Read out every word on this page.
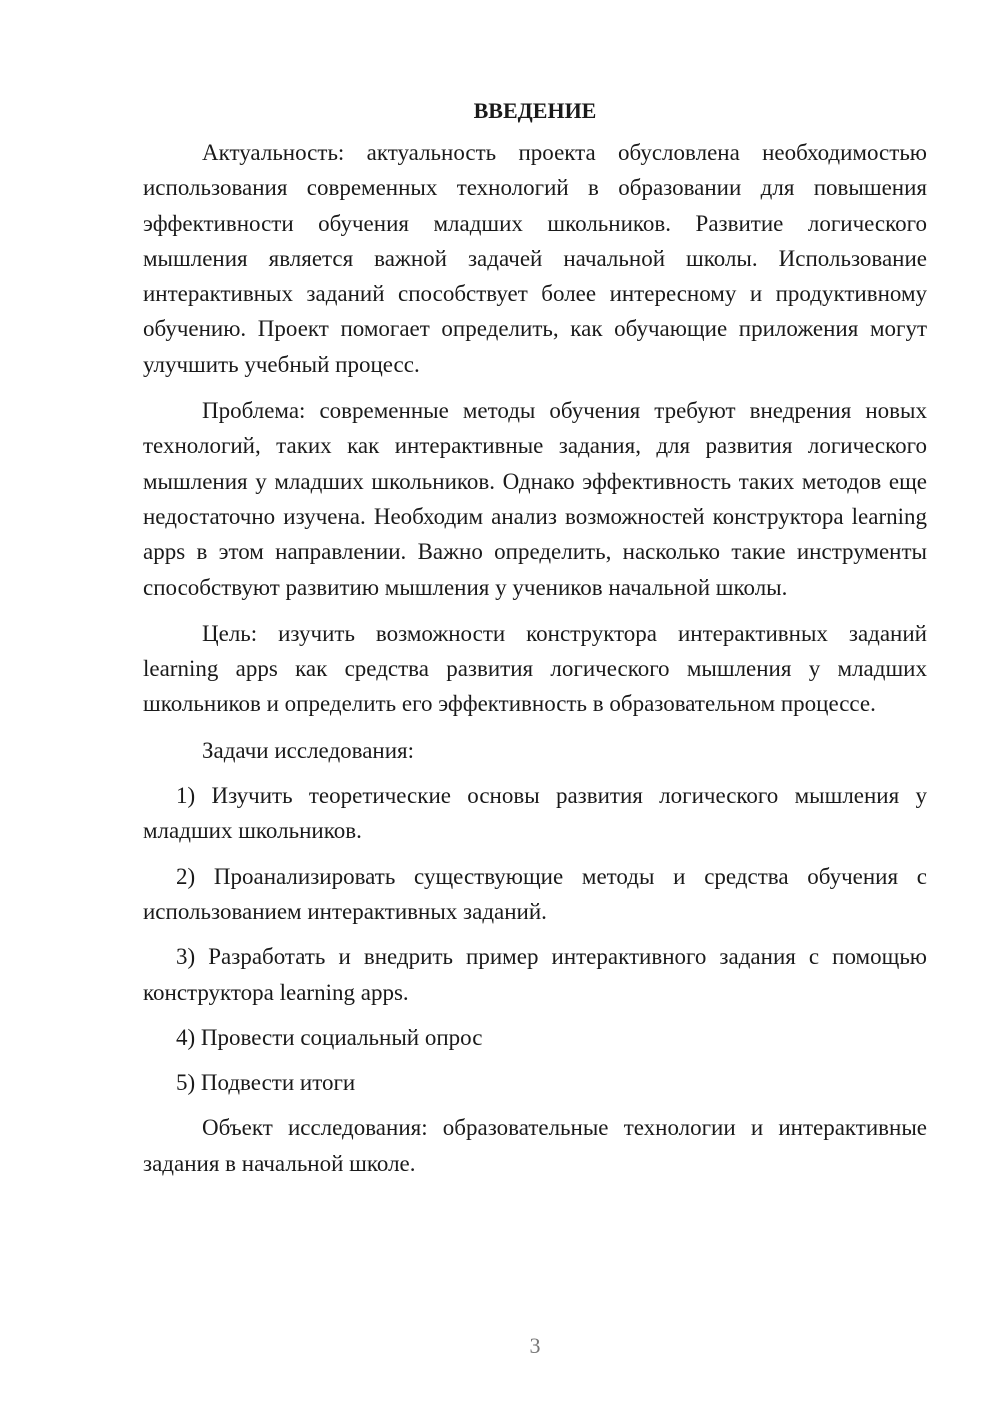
ВВЕДЕНИЕ

Актуальность: актуальность проекта обусловлена необходимостью использования современных технологий в образовании для повышения эффективности обучения младших школьников. Развитие логического мышления является важной задачей начальной школы. Использование интерактивных заданий способствует более интересному и продуктивному обучению. Проект помогает определить, как обучающие приложения могут улучшить учебный процесс.

Проблема: современные методы обучения требуют внедрения новых технологий, таких как интерактивные задания, для развития логического мышления у младших школьников. Однако эффективность таких методов еще недостаточно изучена. Необходим анализ возможностей конструктора learning apps в этом направлении. Важно определить, насколько такие инструменты способствуют развитию мышления у учеников начальной школы.

Цель: изучить возможности конструктора интерактивных заданий learning apps как средства развития логического мышления у младших школьников и определить его эффективность в образовательном процессе.

Задачи исследования:

1) Изучить теоретические основы развития логического мышления у младших школьников.

2) Проанализировать существующие методы и средства обучения с использованием интерактивных заданий.

3) Разработать и внедрить пример интерактивного задания с помощью конструктора learning apps.

4) Провести социальный опрос

5) Подвести итоги

Объект исследования: образовательные технологии и интерактивные задания в начальной школе.

3
